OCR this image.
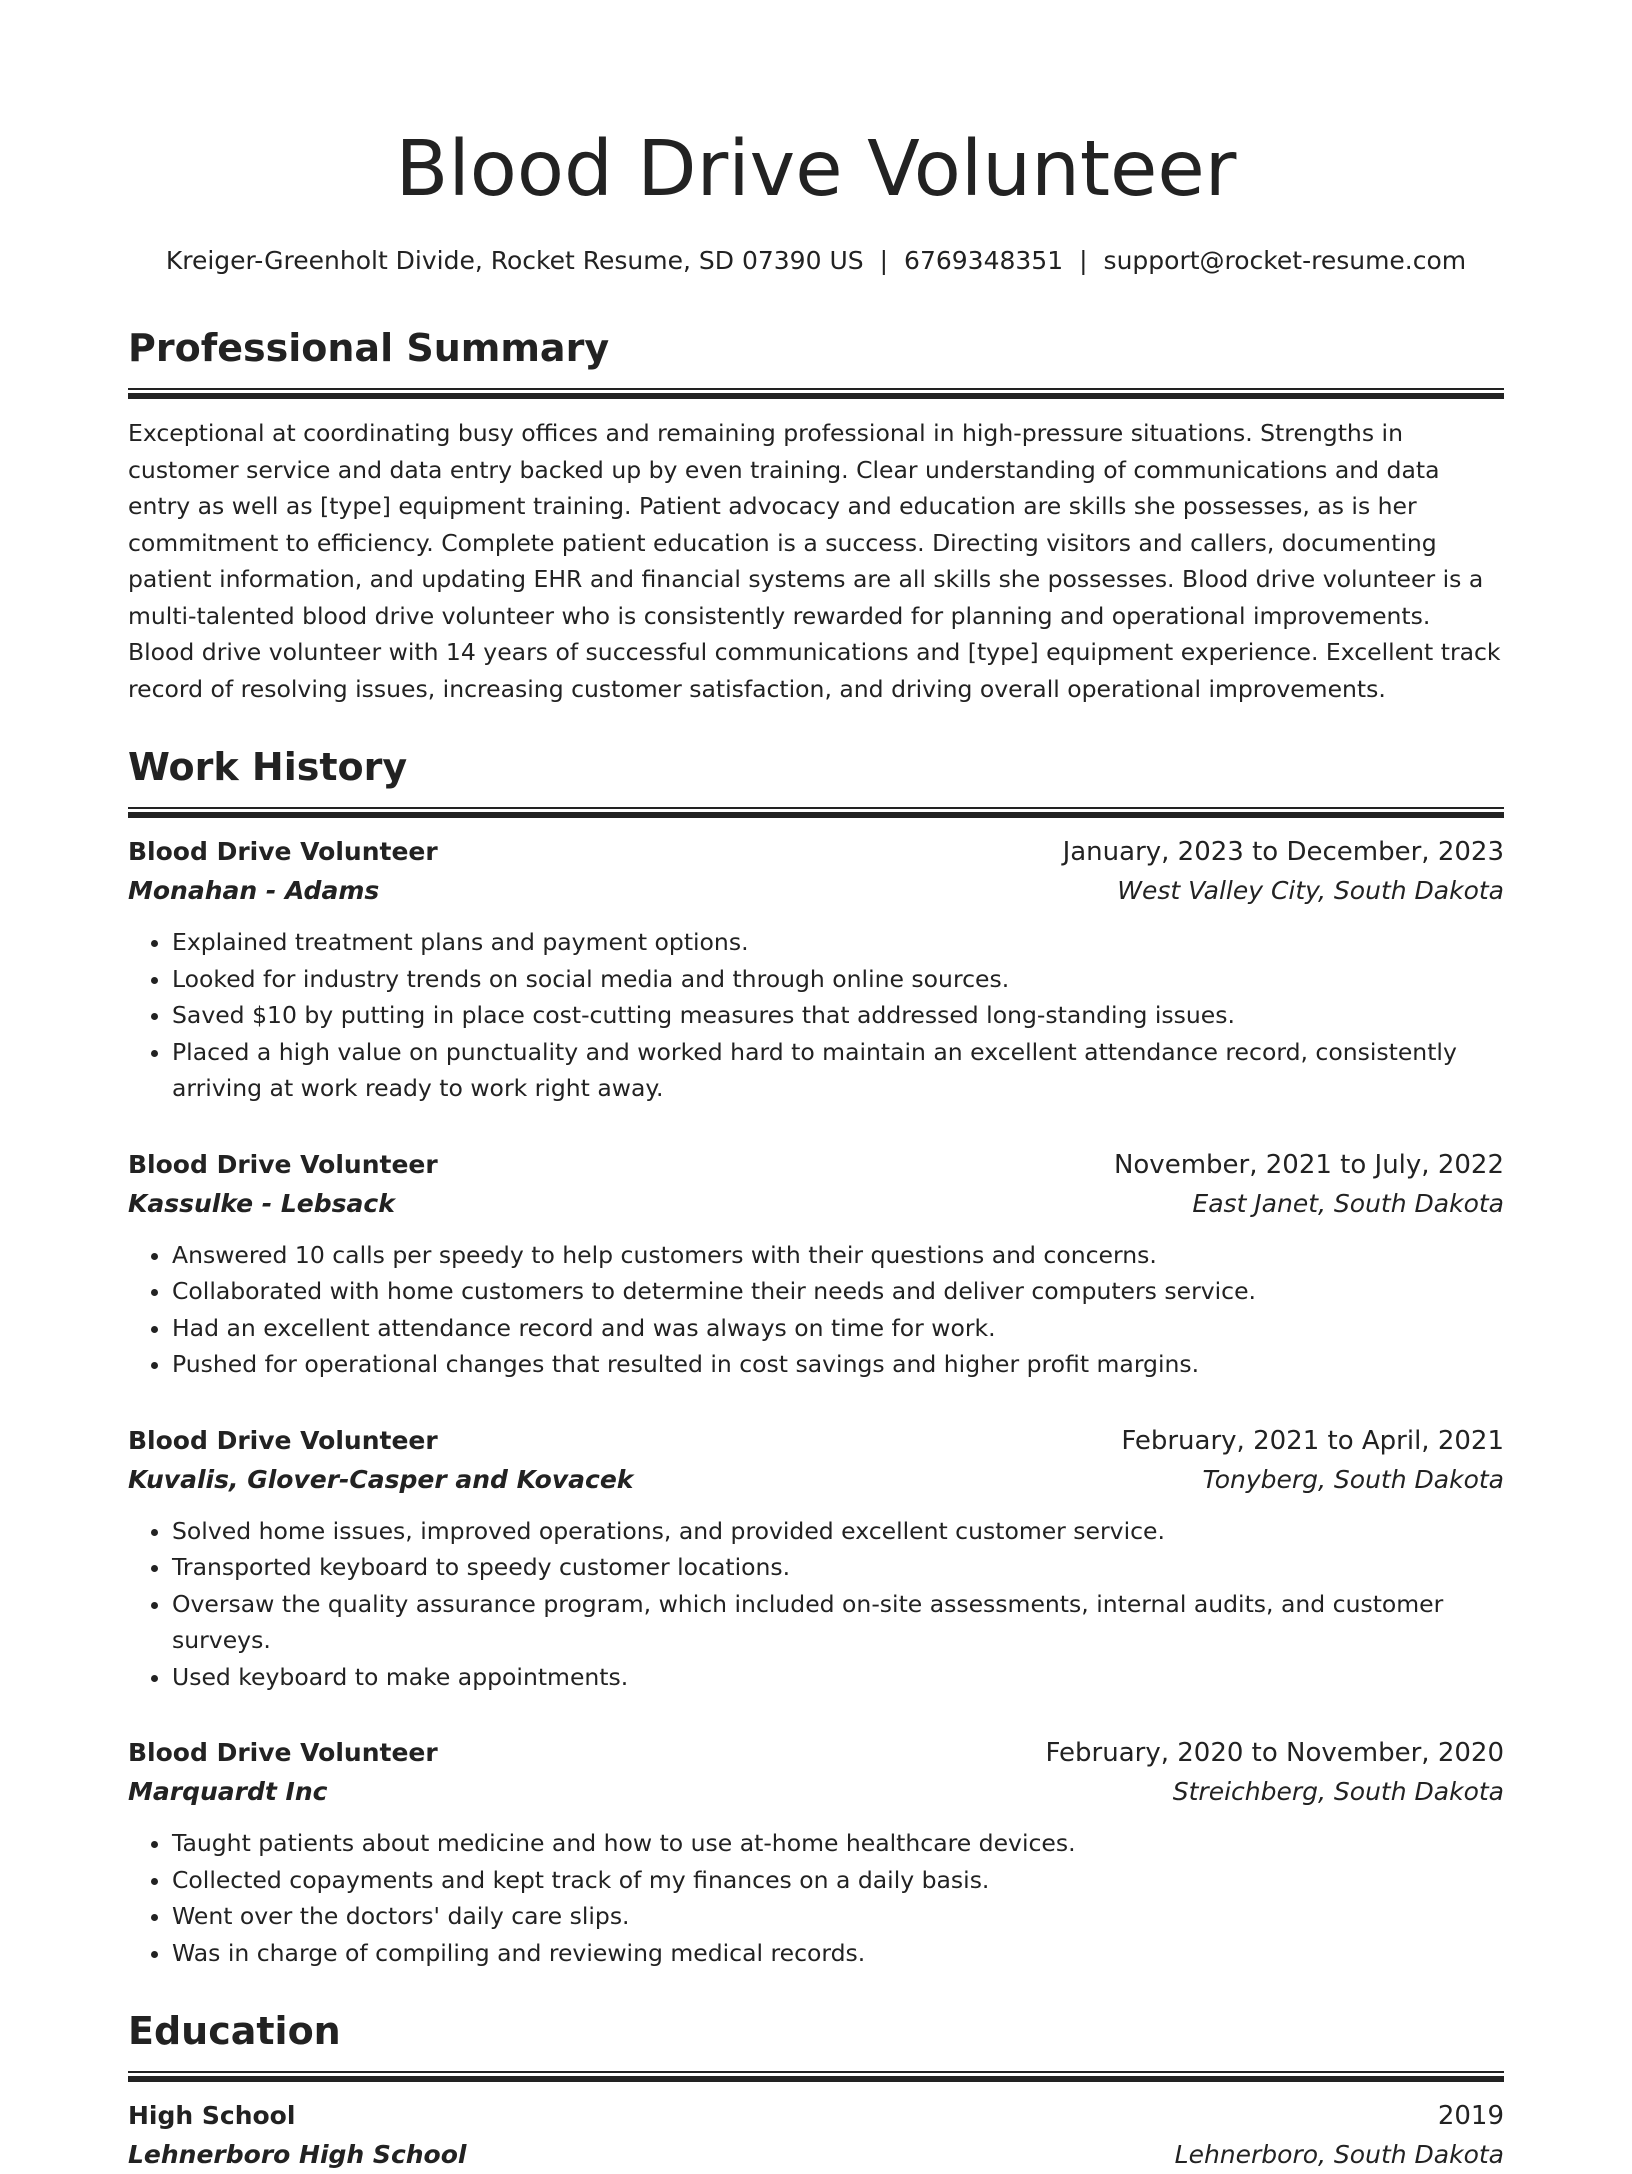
Blood Drive Volunteer
Kreiger-Greenholt Divide, Rocket Resume, SD 07390 US | 6769348351 | support@rocket-resume.com
Professional Summary

Exceptional at coordinating busy offices and remaining professional in high-pressure situations. Strengths in customer service and data entry backed up by even training. Clear understanding of communications and data entry as well as [type] equipment training. Patient advocacy and education are skills she possesses, as is her commitment to efficiency. Complete patient education is a success. Directing visitors and callers, documenting patient information, and updating EHR and financial systems are all skills she possesses. Blood drive volunteer is a multi-talented blood drive volunteer who is consistently rewarded for planning and operational improvements. Blood drive volunteer with 14 years of successful communications and [type] equipment experience. Excellent track record of resolving issues, increasing customer satisfaction, and driving overall operational improvements.

Work History
Blood Drive Volunteer	January, 2023 to December, 2023
Monahan - Adams	West Valley City, South Dakota
• Explained treatment plans and payment options.
• Looked for industry trends on social media and through online sources.
• Saved $10 by putting in place cost-cutting measures that addressed long-standing issues.
• Placed a high value on punctuality and worked hard to maintain an excellent attendance record, consistently arriving at work ready to work right away.
Blood Drive Volunteer	November, 2021 to July, 2022
Kassulke - Lebsack	East Janet, South Dakota
• Answered 10 calls per speedy to help customers with their questions and concerns.
• Collaborated with home customers to determine their needs and deliver computers service.
• Had an excellent attendance record and was always on time for work.
• Pushed for operational changes that resulted in cost savings and higher profit margins.
Blood Drive Volunteer	February, 2021 to April, 2021
Kuvalis, Glover-Casper and Kovacek	Tonyberg, South Dakota
• Solved home issues, improved operations, and provided excellent customer service.
• Transported keyboard to speedy customer locations.
• Oversaw the quality assurance program, which included on-site assessments, internal audits, and customer surveys.
• Used keyboard to make appointments.
Blood Drive Volunteer	February, 2020 to November, 2020
Marquardt Inc	Streichberg, South Dakota
• Taught patients about medicine and how to use at-home healthcare devices.
• Collected copayments and kept track of my finances on a daily basis.
• Went over the doctors' daily care slips.
• Was in charge of compiling and reviewing medical records.
Education
High School	2019
Lehnerboro High School	Lehnerboro, South Dakota
